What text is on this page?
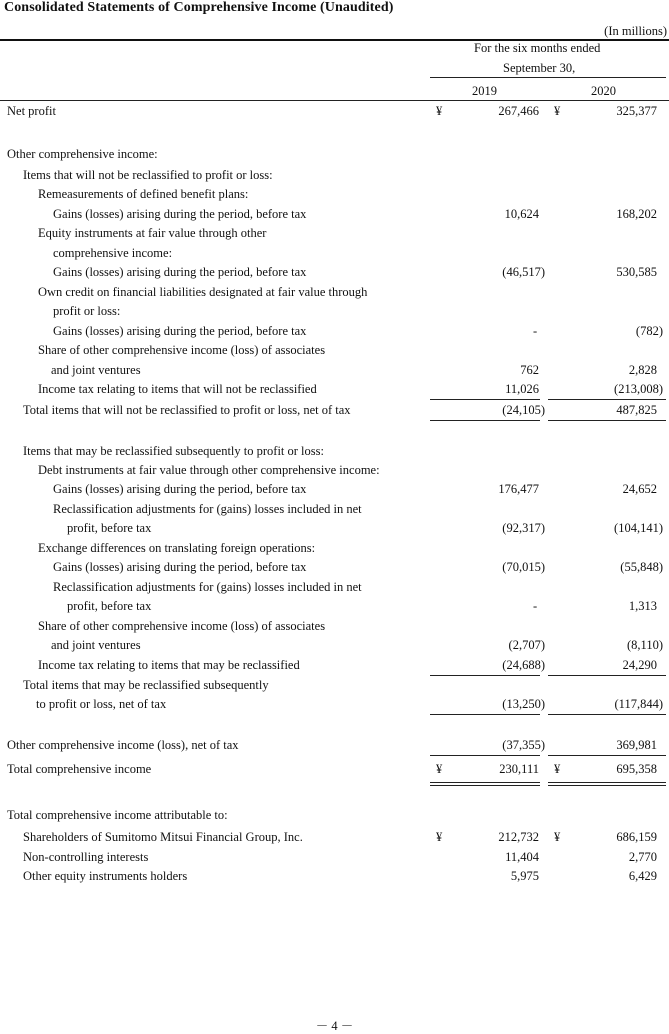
Consolidated Statements of Comprehensive Income (Unaudited)
(In millions)
For the six months ended
September 30,
2019	2020
Net profit	¥	267,466 ¥	325,377
Other comprehensive income:
Items that will not be reclassified to profit or loss:
Remeasurements of defined benefit plans:
Gains (losses) arising during the period, before tax	10,624	168,202
Equity instruments at fair value through other
comprehensive income:
Gains (losses) arising during the period, before tax	(46,517)	530,585
Own credit on financial liabilities designated at fair value through
profit or loss:
Gains (losses) arising during the period, before tax	-	(782)
Share of other comprehensive income (loss) of associates
and joint ventures	762	2,828
Income tax relating to items that will not be reclassified	11,026	(213,008)
Total items that will not be reclassified to profit or loss, net of tax	(24,105)	487,825
Items that may be reclassified subsequently to profit or loss:
Debt instruments at fair value through other comprehensive income:
Gains (losses) arising during the period, before tax	176,477	24,652
Reclassification adjustments for (gains) losses included in net
profit, before tax	(92,317)	(104,141)
Exchange differences on translating foreign operations:
Gains (losses) arising during the period, before tax	(70,015)	(55,848)
Reclassification adjustments for (gains) losses included in net
profit, before tax	-	1,313
Share of other comprehensive income (loss) of associates
and joint ventures	(2,707)	(8,110)
Income tax relating to items that may be reclassified	(24,688)	24,290
Total items that may be reclassified subsequently
to profit or loss, net of tax	(13,250)	(117,844)
Other comprehensive income (loss), net of tax	(37,355)	369,981
Total comprehensive income	¥	230,111 ¥	695,358
Total comprehensive income attributable to:
Shareholders of Sumitomo Mitsui Financial Group, Inc.	¥	212,732 ¥	686,159
Non-controlling interests	11,404	2,770
Other equity instruments holders	5,975	6,429
－ 4 －
